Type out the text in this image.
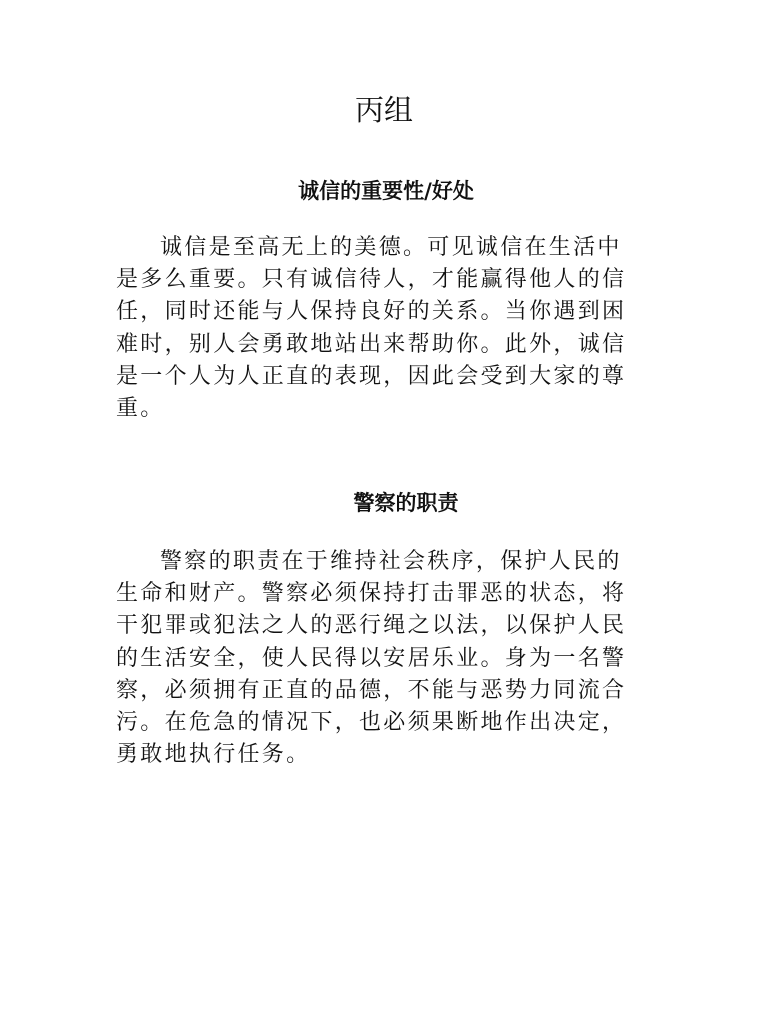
丙组
诚信的重要性/好处

诚信是至高无上的美德。可见诚信在生活中是多么重要。只有诚信待人，才能赢得他人的信任，同时还能与人保持良好的关系。当你遇到困难时，别人会勇敢地站出来帮助你。此外，诚信是一个人为人正直的表现，因此会受到大家的尊重。

警察的职责

警察的职责在于维持社会秩序，保护人民的生命和财产。警察必须保持打击罪恶的状态，将干犯罪或犯法之人的恶行绳之以法，以保护人民的生活安全，使人民得以安居乐业。身为一名警察，必须拥有正直的品德，不能与恶势力同流合污。在危急的情况下，也必须果断地作出决定，勇敢地执行任务。
